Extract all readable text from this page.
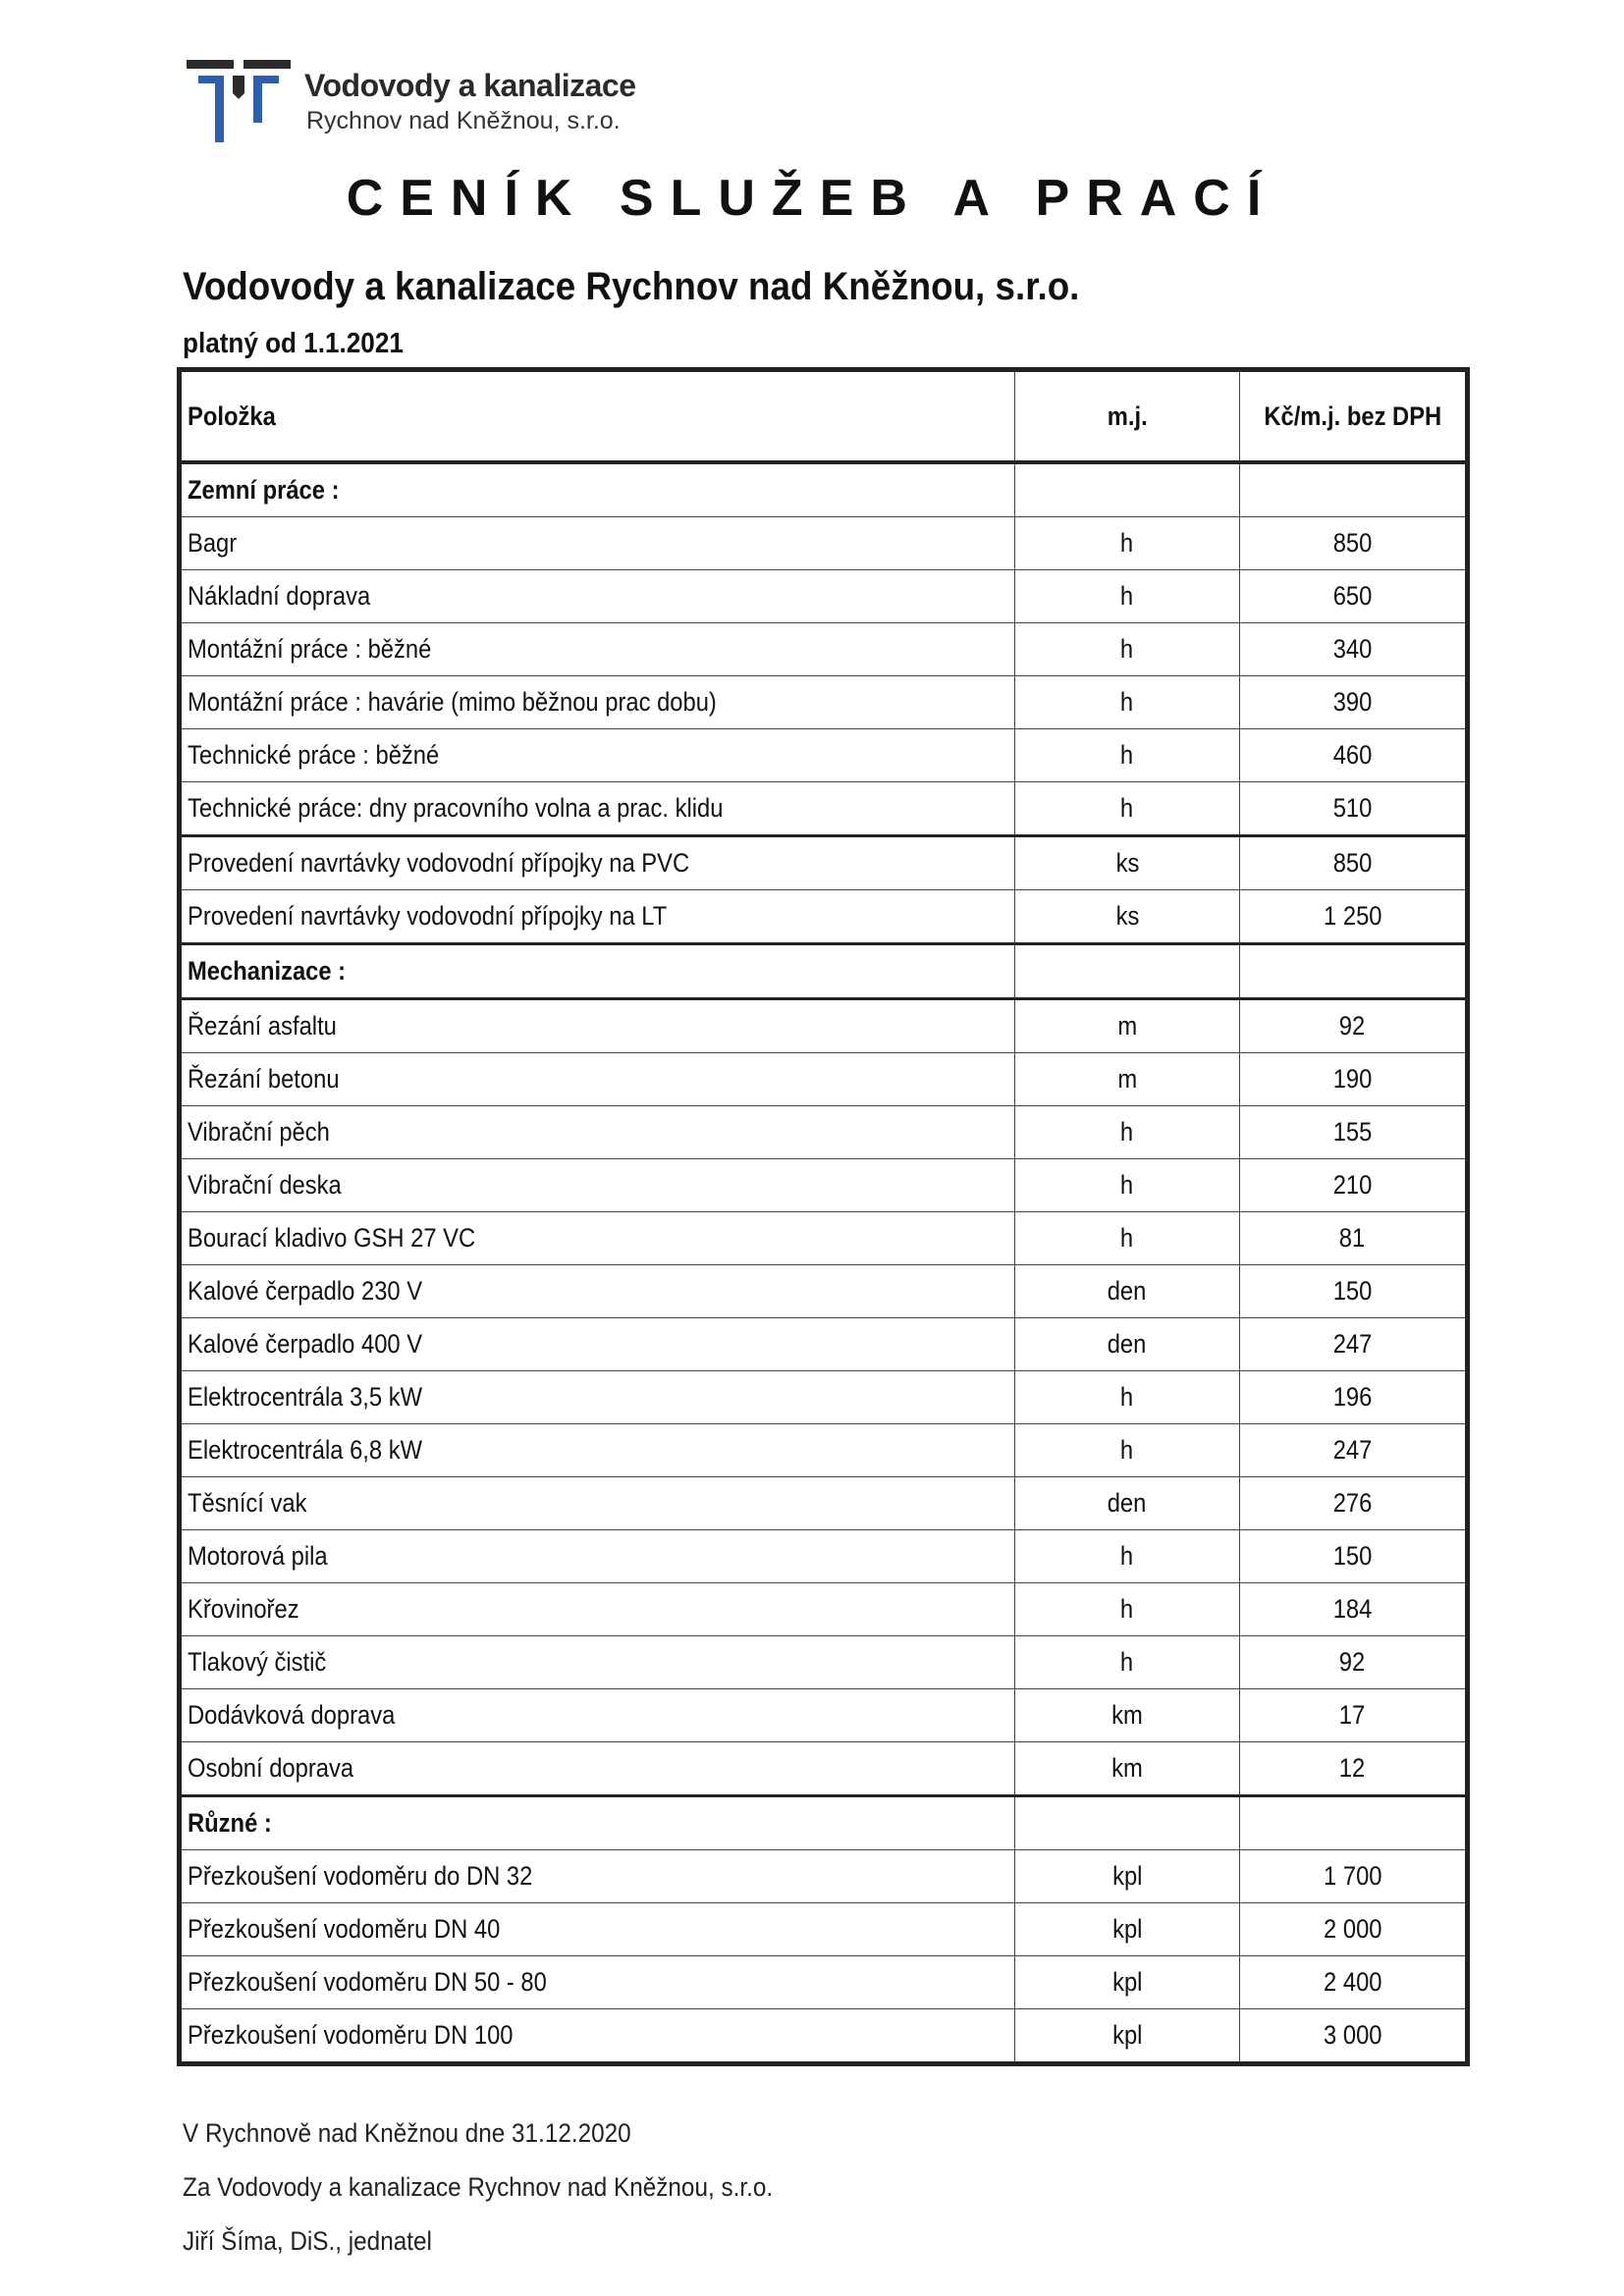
Vodovody a kanalizace
Rychnov nad Kněžnou, s.r.o.
CENÍK SLUŽEB A PRACÍ
Vodovody a kanalizace Rychnov nad Kněžnou, s.r.o.
platný od 1.1.2021
Položka	m.j.	Kč/m.j. bez DPH
Zemní práce :		
Bagr	h	850
Nákladní doprava	h	650
Montážní práce : běžné	h	340
Montážní práce : havárie (mimo běžnou prac dobu)	h	390
Technické práce : běžné	h	460
Technické práce: dny pracovního volna a prac. klidu	h	510
Provedení navrtávky vodovodní přípojky na PVC	ks	850
Provedení navrtávky vodovodní přípojky na LT	ks	1 250
Mechanizace :		
Řezání asfaltu	m	92
Řezání betonu	m	190
Vibrační pěch	h	155
Vibrační deska	h	210
Bourací kladivo GSH 27 VC	h	81
Kalové čerpadlo 230 V	den	150
Kalové čerpadlo 400 V	den	247
Elektrocentrála 3,5 kW	h	196
Elektrocentrála 6,8 kW	h	247
Těsnící vak	den	276
Motorová pila	h	150
Křovinořez	h	184
Tlakový čistič	h	92
Dodávková doprava	km	17
Osobní doprava	km	12
Různé :		
Přezkoušení vodoměru do DN 32	kpl	1 700
Přezkoušení vodoměru DN 40	kpl	2 000
Přezkoušení vodoměru DN 50 - 80	kpl	2 400
Přezkoušení vodoměru DN 100	kpl	3 000
V Rychnově nad Kněžnou dne 31.12.2020
Za Vodovody a kanalizace Rychnov nad Kněžnou, s.r.o.
Jiří Šíma, DiS., jednatel
